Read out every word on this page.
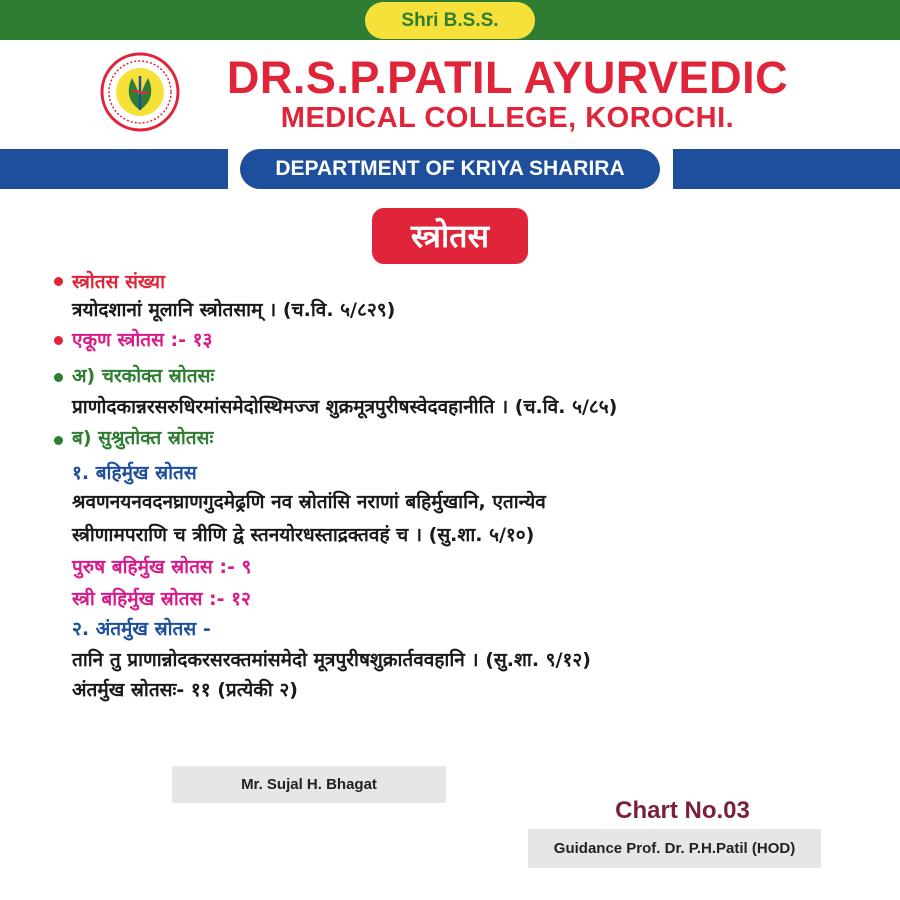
Shri B.S.S.
DR.S.P.PATIL AYURVEDIC
MEDICAL COLLEGE, KOROCHI.
DEPARTMENT OF KRIYA SHARIRA
स्त्रोतस
स्त्रोतस संख्या
त्रयोदशानां मूलानि स्त्रोतसाम् । (च.वि. ५/८२९)
एकूण स्त्रोतस :- १३
अ) चरकोक्त स्रोतसः
प्राणोदकान्नरसरुधिरमांसमेदोस्थिमज्ज शुक्रमूत्रपुरीषस्वेदवहानीति । (च.वि. ५/८५)
ब) सुश्रुतोक्त स्रोतसः
१. बहिर्मुख स्रोतस
श्रवणनयनवदनघ्राणगुदमेढ्रणि नव स्रोतांसि नराणां बहिर्मुखानि, एतान्येव
स्त्रीणामपराणि च त्रीणि द्वे स्तनयोरधस्ताद्रक्तवहं च । (सु.शा. ५/१०)
पुरुष बहिर्मुख स्रोतस :- ९
स्त्री बहिर्मुख स्रोतस :- १२
२. अंतर्मुख स्रोतस -
तानि तु प्राणान्नोदकरसरक्तमांसमेदो मूत्रपुरीषशुक्रार्तववहानि । (सु.शा. ९/१२)
अंतर्मुख स्रोतसः- ११ (प्रत्येकी २)
Mr. Sujal H. Bhagat
Chart No.03
Guidance Prof. Dr. P.H.Patil (HOD)
